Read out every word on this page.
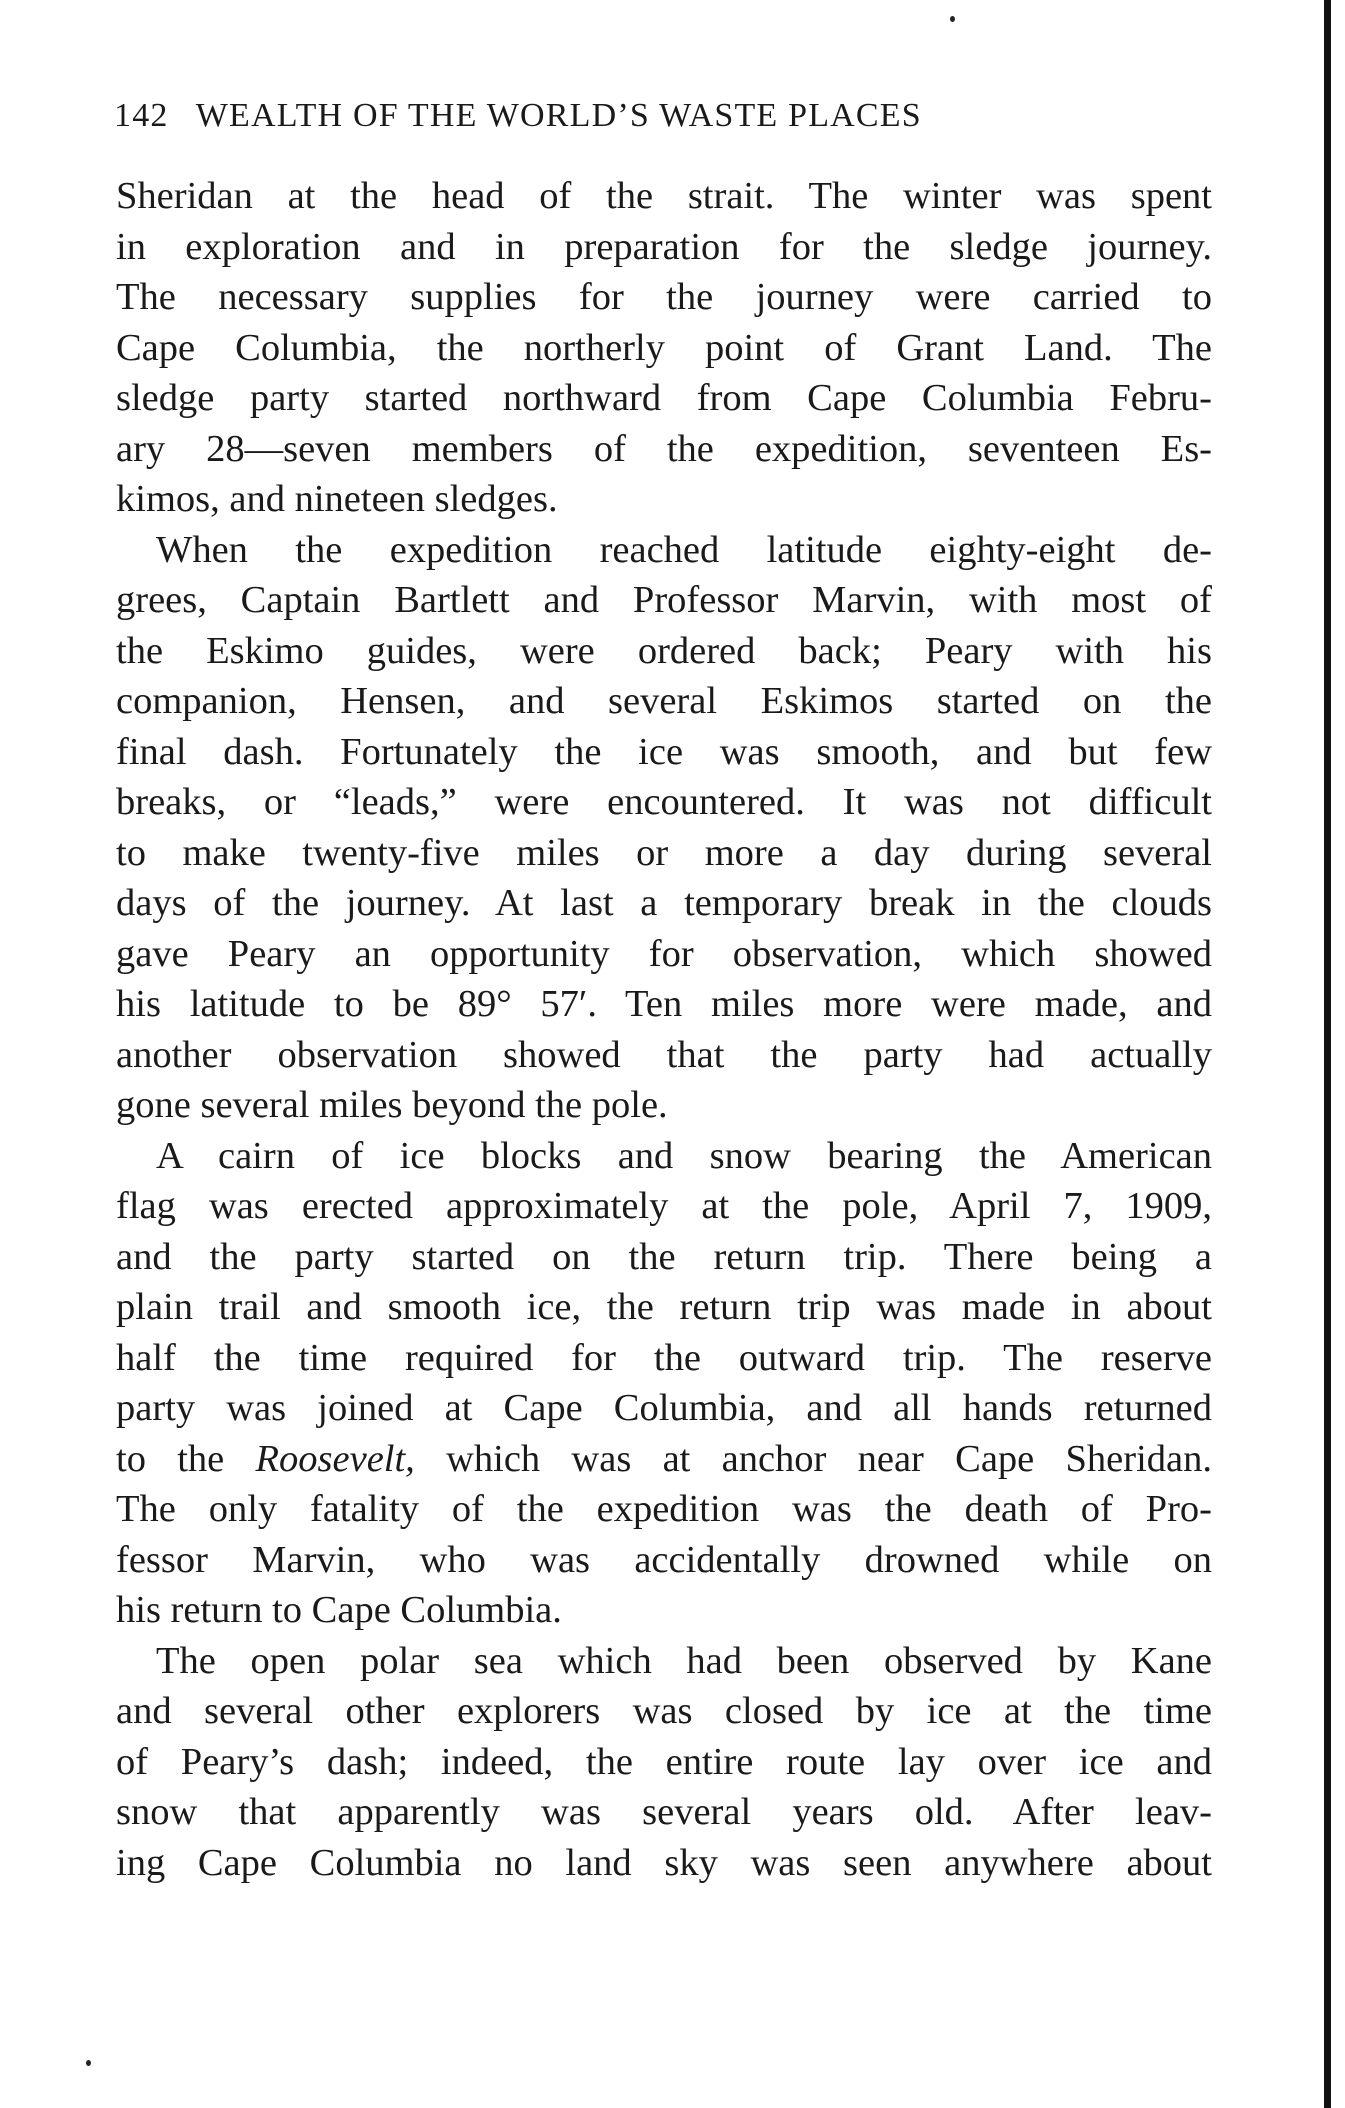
142 WEALTH OF THE WORLD’S WASTE PLACES
Sheridan at the head of the strait. The winter was spent
in exploration and in preparation for the sledge journey.
The necessary supplies for the journey were carried to
Cape Columbia, the northerly point of Grant Land. The
sledge party started northward from Cape Columbia Febru-
ary 28—seven members of the expedition, seventeen Es-
kimos, and nineteen sledges.
When the expedition reached latitude eighty-eight de-
grees, Captain Bartlett and Professor Marvin, with most of
the Eskimo guides, were ordered back; Peary with his
companion, Hensen, and several Eskimos started on the
final dash. Fortunately the ice was smooth, and but few
breaks, or “leads,” were encountered. It was not difficult
to make twenty-five miles or more a day during several
days of the journey. At last a temporary break in the clouds
gave Peary an opportunity for observation, which showed
his latitude to be 89° 57′. Ten miles more were made, and
another observation showed that the party had actually
gone several miles beyond the pole.
A cairn of ice blocks and snow bearing the American
flag was erected approximately at the pole, April 7, 1909,
and the party started on the return trip. There being a
plain trail and smooth ice, the return trip was made in about
half the time required for the outward trip. The reserve
party was joined at Cape Columbia, and all hands returned
to the Roosevelt, which was at anchor near Cape Sheridan.
The only fatality of the expedition was the death of Pro-
fessor Marvin, who was accidentally drowned while on
his return to Cape Columbia.
The open polar sea which had been observed by Kane
and several other explorers was closed by ice at the time
of Peary’s dash; indeed, the entire route lay over ice and
snow that apparently was several years old. After leav-
ing Cape Columbia no land sky was seen anywhere about
